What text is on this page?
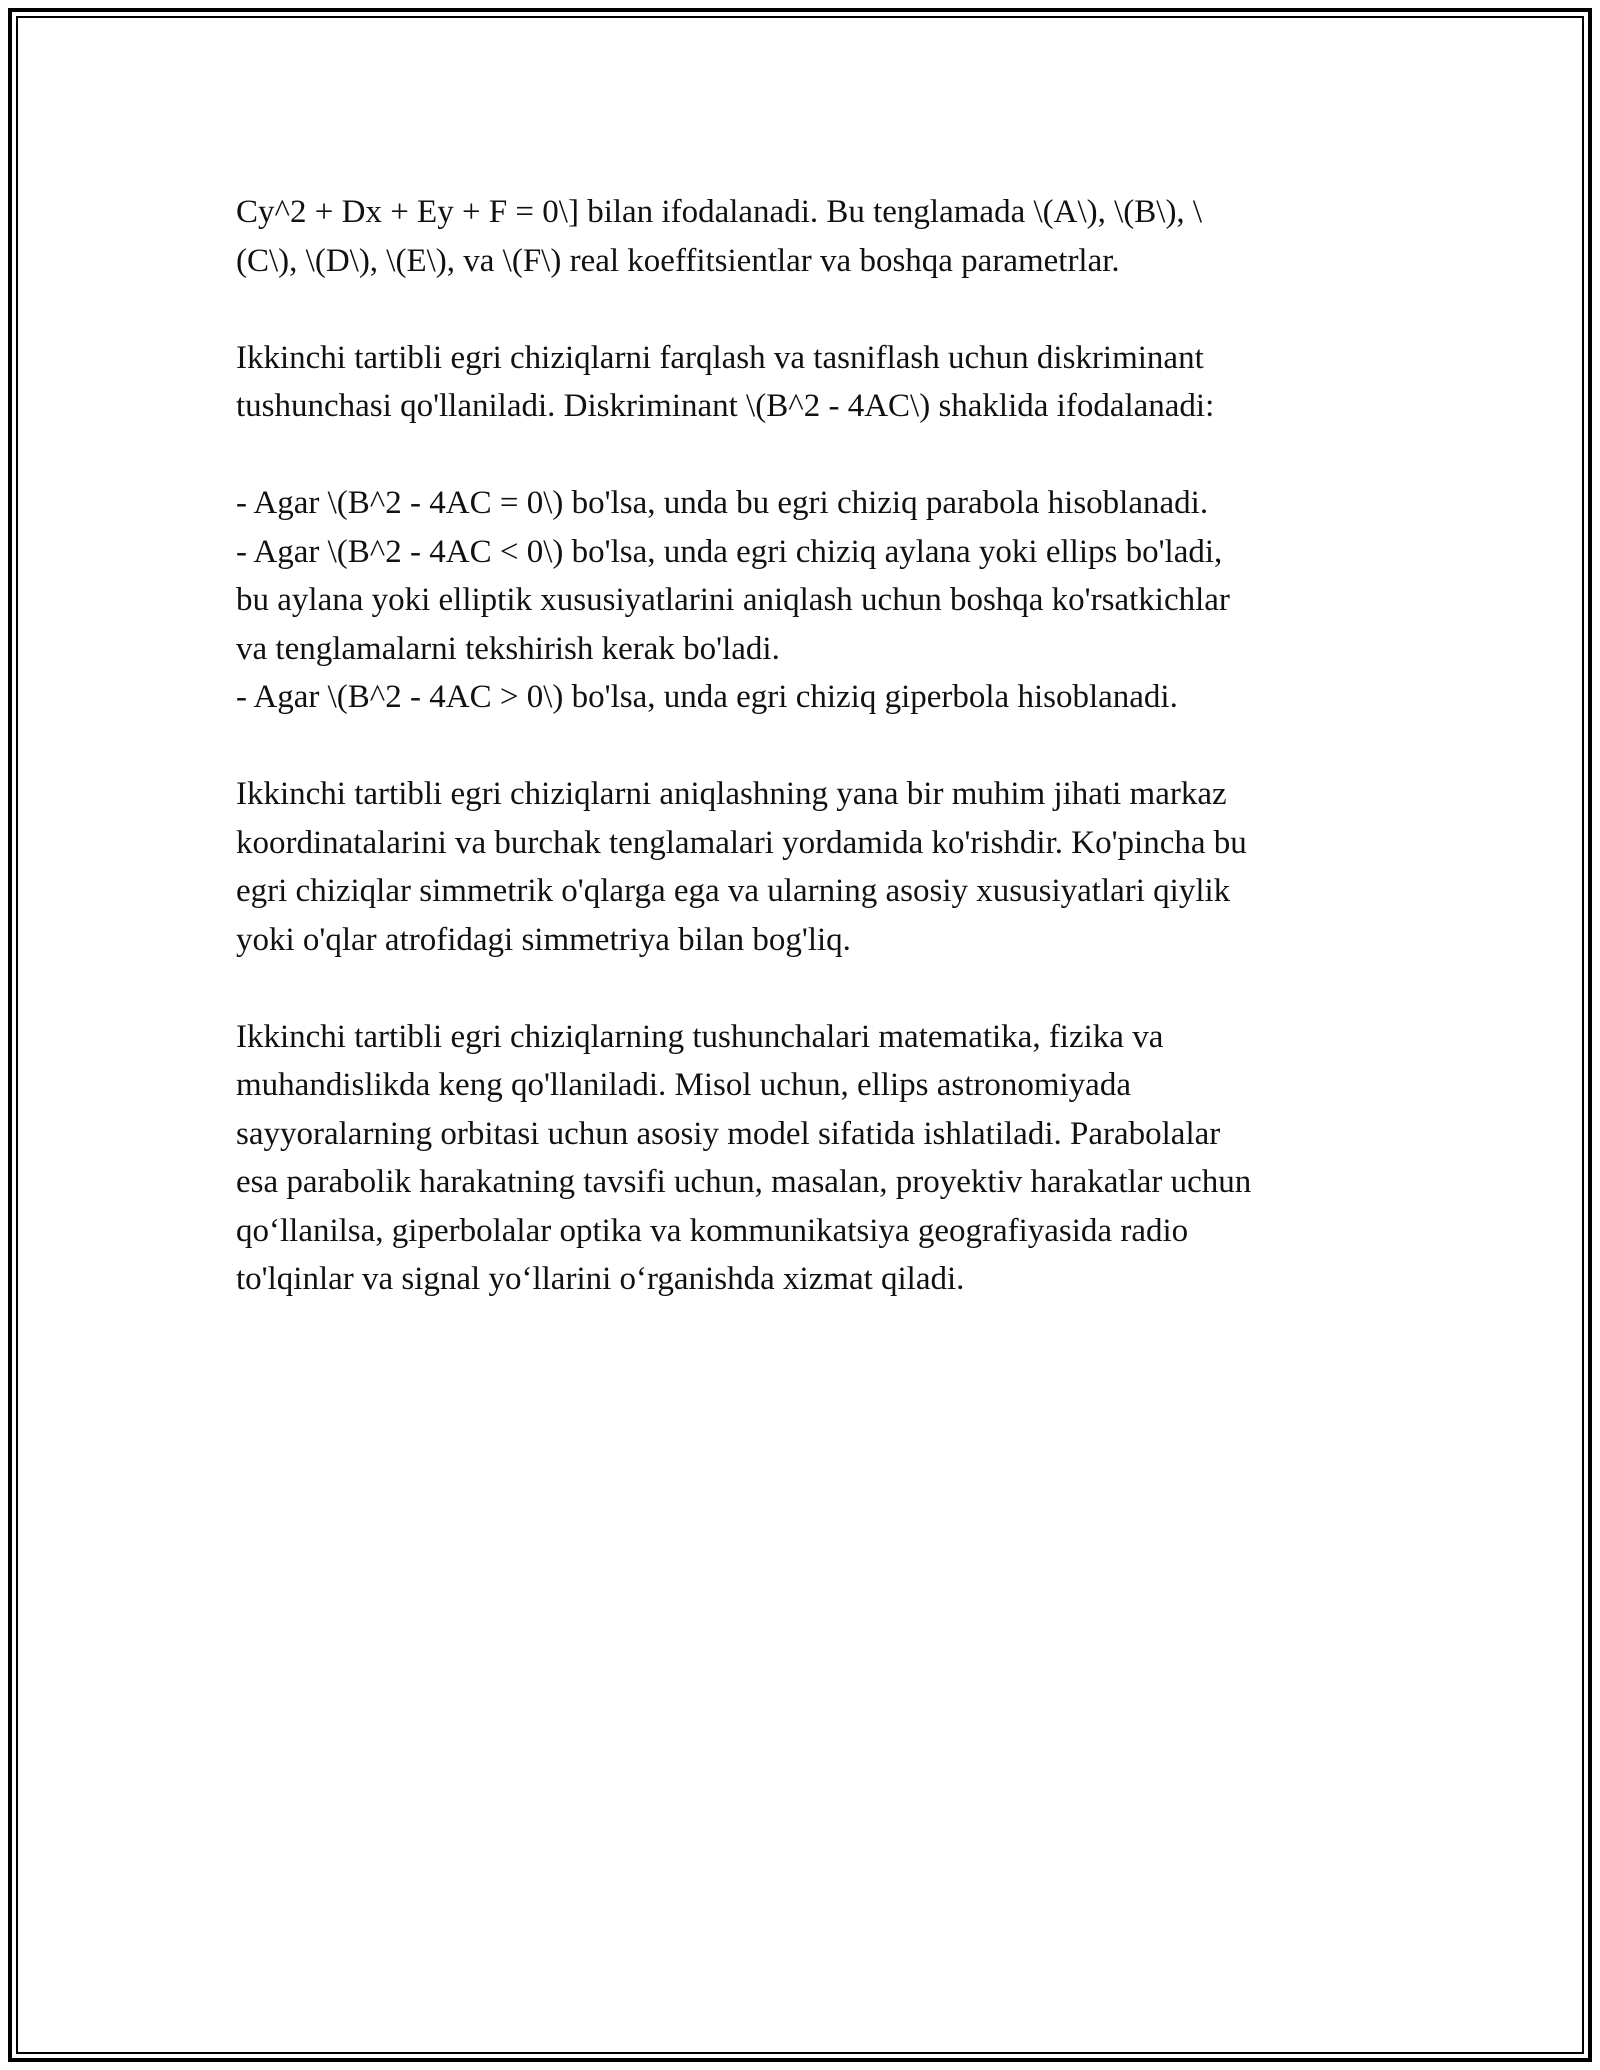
Cy^2 + Dx + Ey + F = 0\] bilan ifodalanadi. Bu tenglamada \(A\), \(B\), \
(C\), \(D\), \(E\), va \(F\) real koeffitsientlar va boshqa parametrlar.

Ikkinchi tartibli egri chiziqlarni farqlash va tasniflash uchun diskriminant
tushunchasi qo'llaniladi. Diskriminant \(B^2 - 4AC\) shaklida ifodalanadi:

- Agar \(B^2 - 4AC = 0\) bo'lsa, unda bu egri chiziq parabola hisoblanadi.
- Agar \(B^2 - 4AC < 0\) bo'lsa, unda egri chiziq aylana yoki ellips bo'ladi,
bu aylana yoki elliptik xususiyatlarini aniqlash uchun boshqa ko'rsatkichlar
va tenglamalarni tekshirish kerak bo'ladi.
- Agar \(B^2 - 4AC > 0\) bo'lsa, unda egri chiziq giperbola hisoblanadi.

Ikkinchi tartibli egri chiziqlarni aniqlashning yana bir muhim jihati markaz
koordinatalarini va burchak tenglamalari yordamida ko'rishdir. Ko'pincha bu
egri chiziqlar simmetrik o'qlarga ega va ularning asosiy xususiyatlari qiylik
yoki o'qlar atrofidagi simmetriya bilan bog'liq.

Ikkinchi tartibli egri chiziqlarning tushunchalari matematika, fizika va
muhandislikda keng qo'llaniladi. Misol uchun, ellips astronomiyada
sayyoralarning orbitasi uchun asosiy model sifatida ishlatiladi. Parabolalar
esa parabolik harakatning tavsifi uchun, masalan, proyektiv harakatlar uchun
qo‘llanilsa, giperbolalar optika va kommunikatsiya geografiyasida radio
to'lqinlar va signal yo‘llarini o‘rganishda xizmat qiladi.
